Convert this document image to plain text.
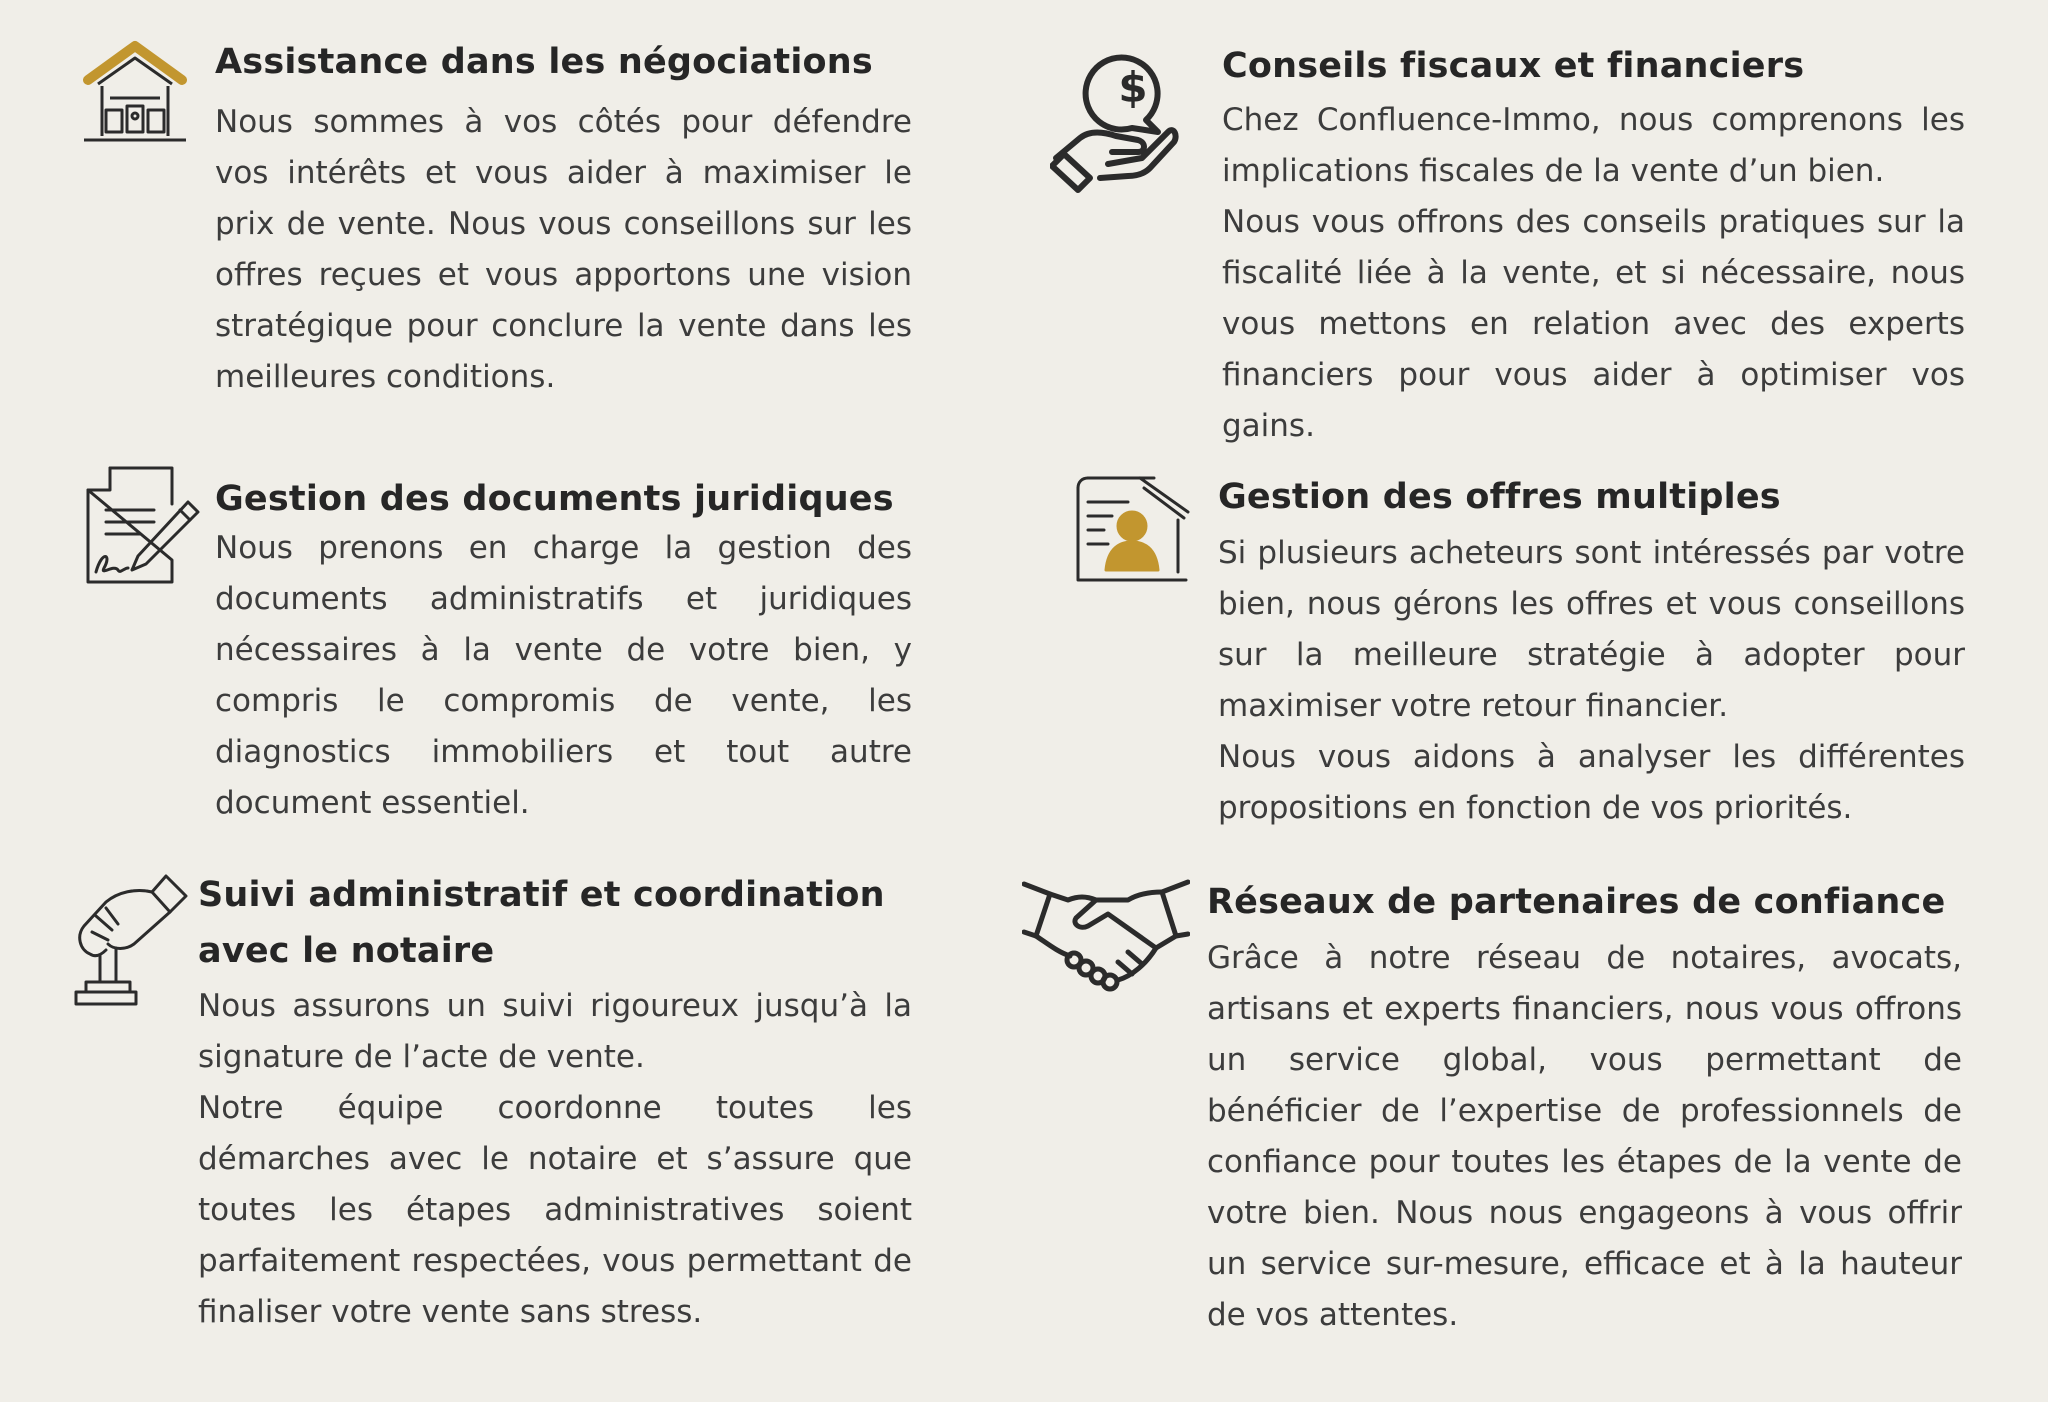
Assistance dans les négociations

Nous sommes à vos côtés pour défendre vos intérêts et vous aider à maximiser le prix de vente. Nous vous conseillons sur les offres reçues et vous apportons une vision stratégique pour conclure la vente dans les meilleures conditions.

$ Conseils fiscaux et financiers

Chez Confluence-Immo, nous comprenons les implications fiscales de la vente d’un bien.

Nous vous offrons des conseils pratiques sur la fiscalité liée à la vente, et si nécessaire, nous vous mettons en relation avec des experts financiers pour vous aider à optimiser vos gains.

Gestion des documents juridiques

Nous prenons en charge la gestion des documents administratifs et juridiques nécessaires à la vente de votre bien, y compris le compromis de vente, les diagnostics immobiliers et tout autre document essentiel.

Gestion des offres multiples

Si plusieurs acheteurs sont intéressés par votre bien, nous gérons les offres et vous conseillons sur la meilleure stratégie à adopter pour maximiser votre retour financier.

Nous vous aidons à analyser les différentes propositions en fonction de vos priorités.

Suivi administratif et coordination avec le notaire

Nous assurons un suivi rigoureux jusqu’à la signature de l’acte de vente.

Notre équipe coordonne toutes les démarches avec le notaire et s’assure que toutes les étapes administratives soient parfaitement respectées, vous permettant de finaliser votre vente sans stress.

Réseaux de partenaires de confiance

Grâce à notre réseau de notaires, avocats, artisans et experts financiers, nous vous offrons un service global, vous permettant de bénéficier de l’expertise de professionnels de confiance pour toutes les étapes de la vente de votre bien. Nous nous engageons à vous offrir un service sur-mesure, efficace et à la hauteur de vos attentes.
